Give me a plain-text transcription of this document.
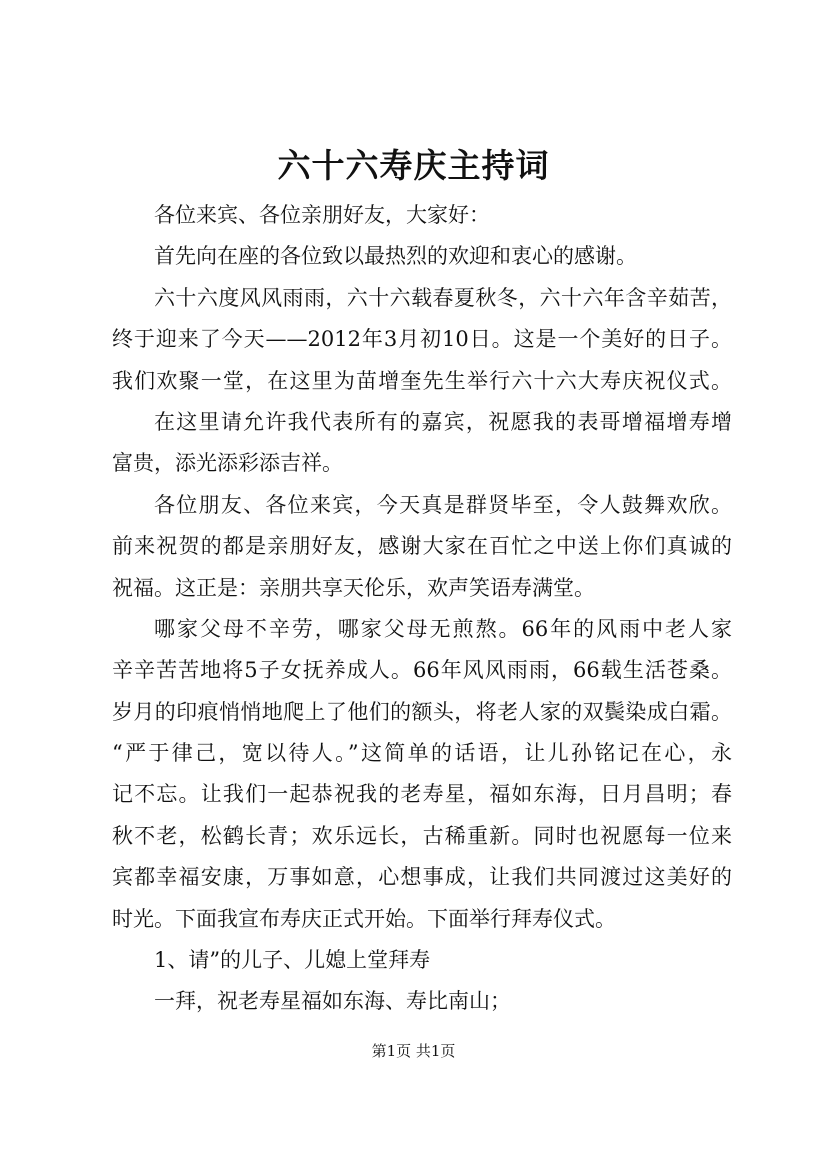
六十六寿庆主持词
各位来宾、各位亲朋好友，大家好：
首先向在座的各位致以最热烈的欢迎和衷心的感谢。
六十六度风风雨雨，六十六载春夏秋冬，六十六年含辛茹苦，
终于迎来了今天——2012年3月初10日。这是一个美好的日子。
我们欢聚一堂，在这里为苗增奎先生举行六十六大寿庆祝仪式。
在这里请允许我代表所有的嘉宾，祝愿我的表哥增福增寿增
富贵，添光添彩添吉祥。
各位朋友、各位来宾，今天真是群贤毕至，令人鼓舞欢欣。
前来祝贺的都是亲朋好友，感谢大家在百忙之中送上你们真诚的
祝福。这正是：亲朋共享天伦乐，欢声笑语寿满堂。
哪家父母不辛劳，哪家父母无煎熬。66年的风雨中老人家
辛辛苦苦地将5子女抚养成人。66年风风雨雨，66载生活苍桑。
岁月的印痕悄悄地爬上了他们的额头，将老人家的双鬓染成白霜。
“严于律己，宽以待人。”这简单的话语，让儿孙铭记在心，永
记不忘。让我们一起恭祝我的老寿星，福如东海，日月昌明；春
秋不老，松鹤长青；欢乐远长，古稀重新。同时也祝愿每一位来
宾都幸福安康，万事如意，心想事成，让我们共同渡过这美好的
时光。下面我宣布寿庆正式开始。下面举行拜寿仪式。
1、请”的儿子、儿媳上堂拜寿
一拜，祝老寿星福如东海、寿比南山；
第1页 共1页
